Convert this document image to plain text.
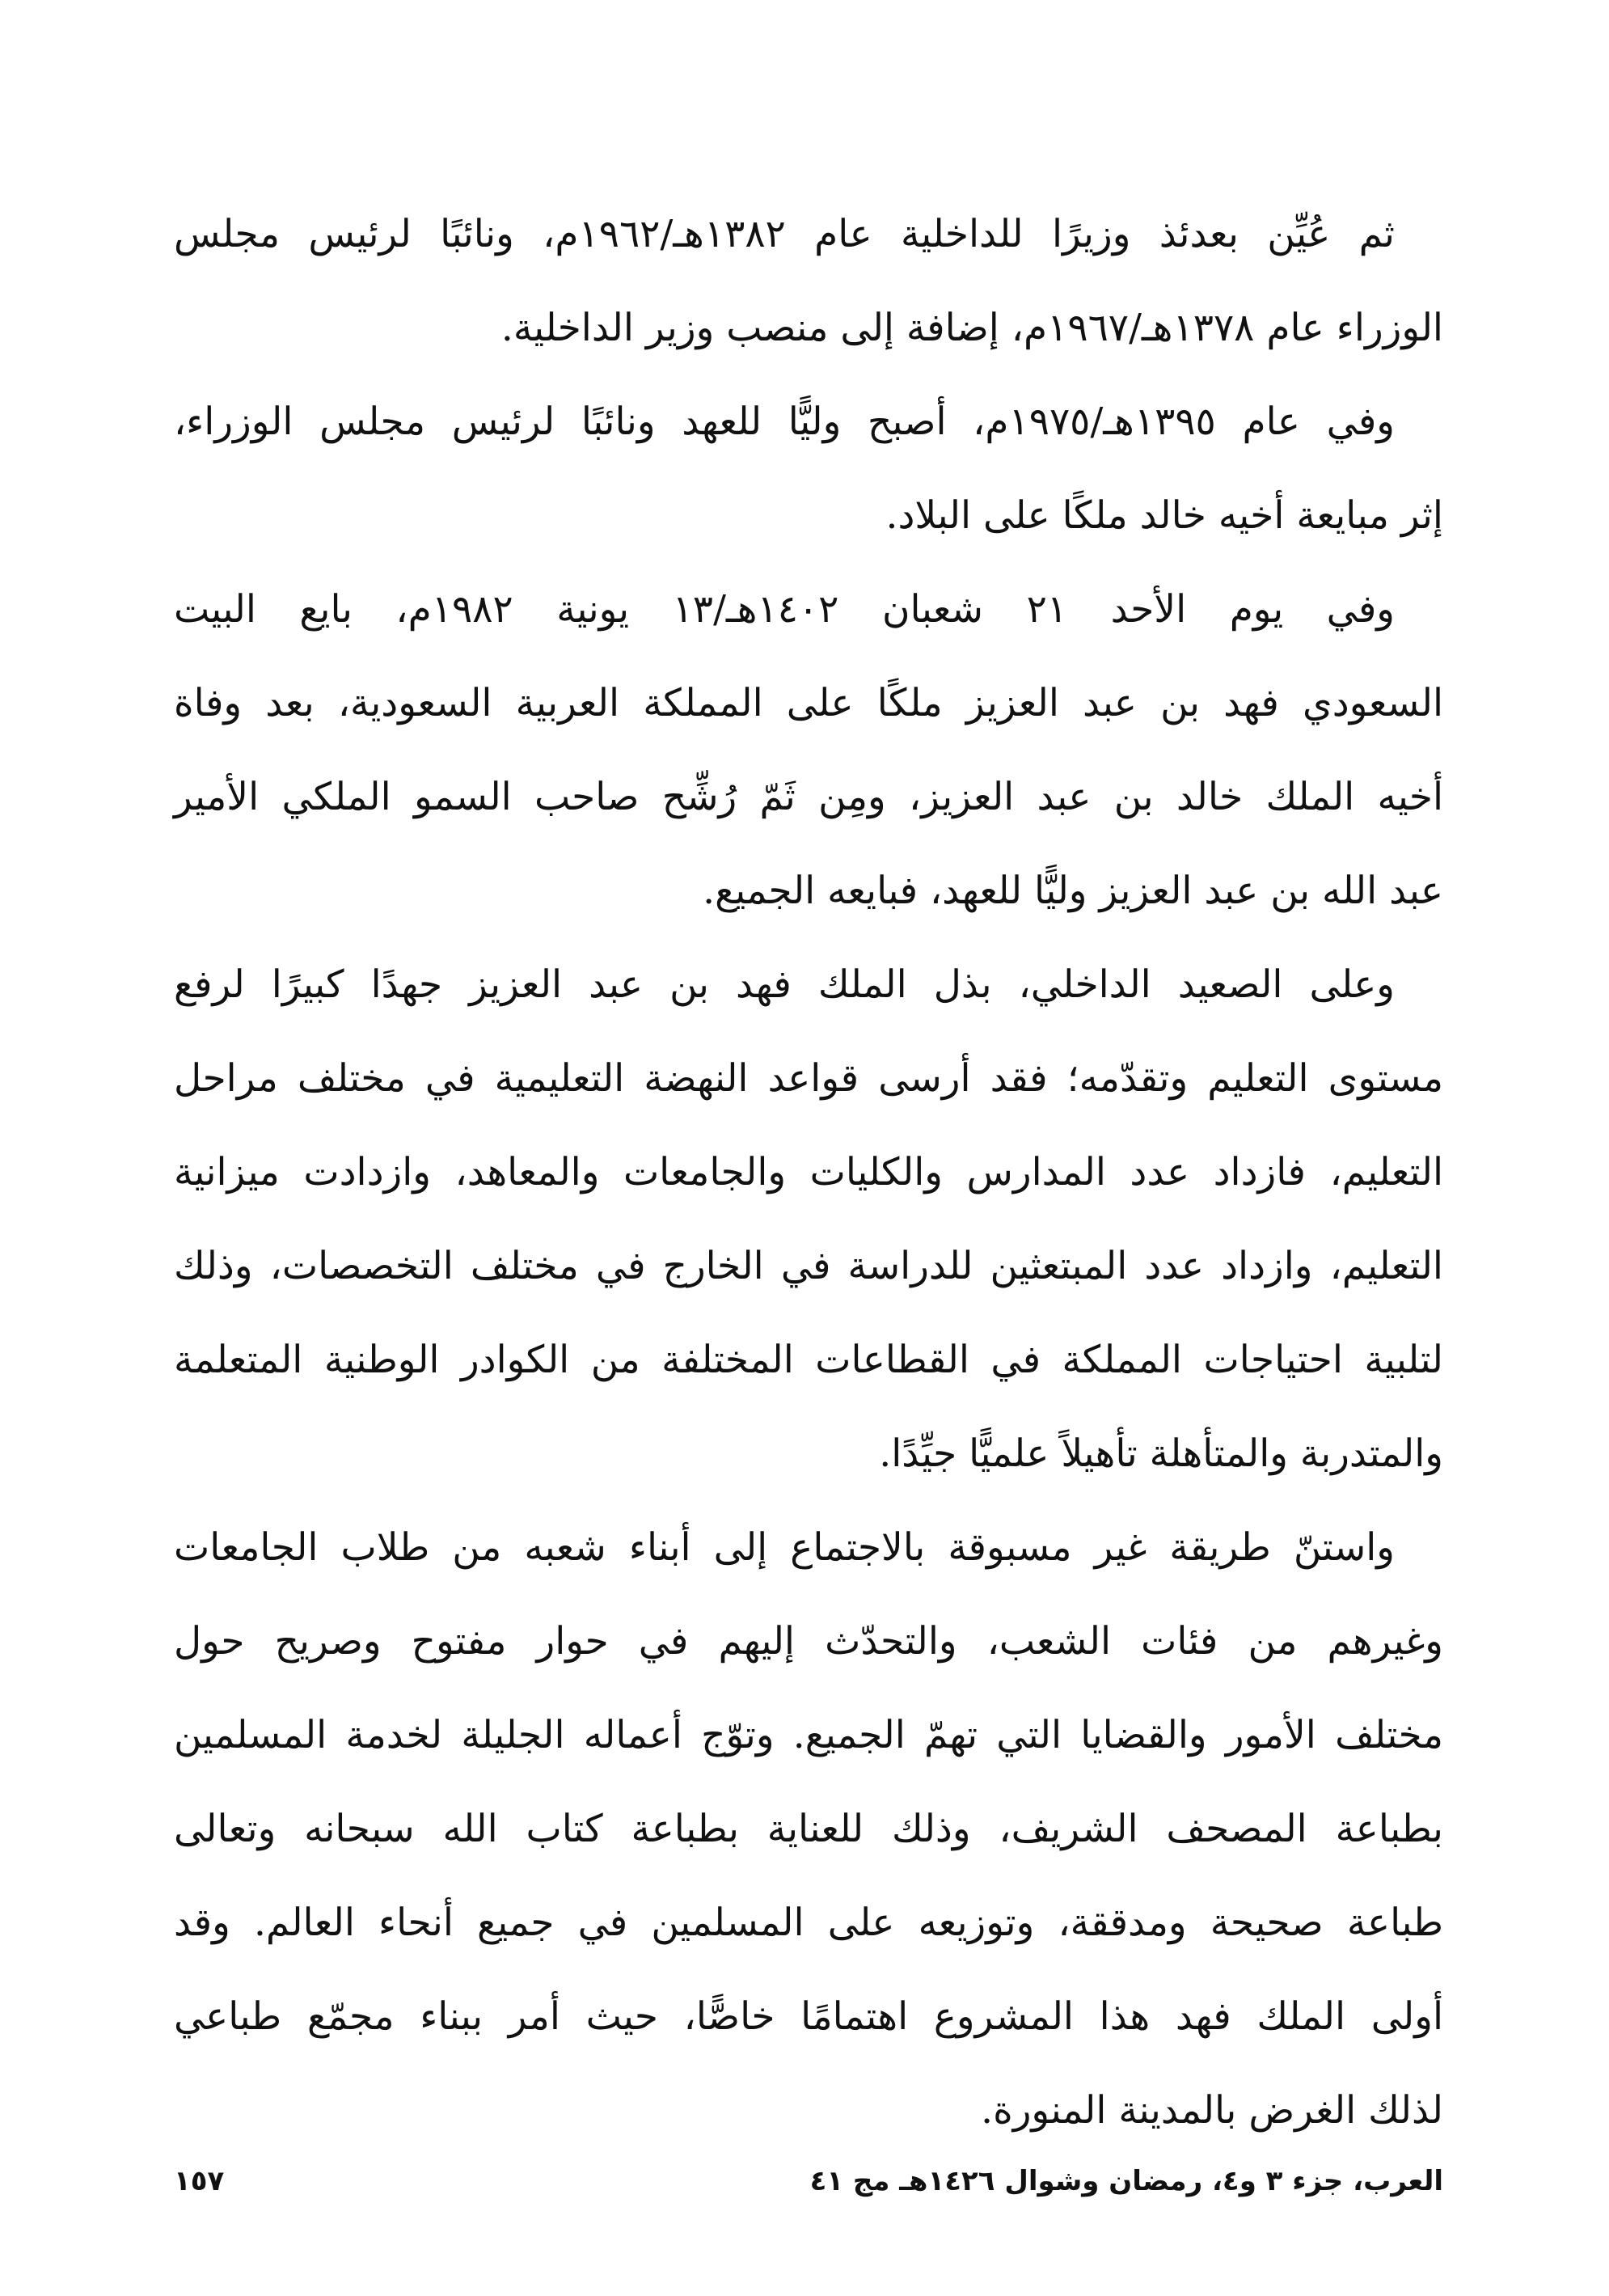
ثم عُيِّن بعدئذ وزيرًا للداخلية عام ١٣٨٢هـ/١٩٦٢م، ونائبًا لرئيس مجلس
الوزراء عام ١٣٧٨هـ/١٩٦٧م، إضافة إلى منصب وزير الداخلية.
وفي عام ١٣٩٥هـ/١٩٧٥م، أصبح وليًّا للعهد ونائبًا لرئيس مجلس الوزراء،
إثر مبايعة أخيه خالد ملكًا على البلاد.
وفي يوم الأحد ٢١ شعبان ١٤٠٢هـ/١٣ يونية ١٩٨٢م، بايع البيت
السعودي فهد بن عبد العزيز ملكًا على المملكة العربية السعودية، بعد وفاة
أخيه الملك خالد بن عبد العزيز، ومِن ثَمّ رُشِّح صاحب السمو الملكي الأمير
عبد الله بن عبد العزيز وليًّا للعهد، فبايعه الجميع.
وعلى الصعيد الداخلي، بذل الملك فهد بن عبد العزيز جهدًا كبيرًا لرفع
مستوى التعليم وتقدّمه؛ فقد أرسى قواعد النهضة التعليمية في مختلف مراحل
التعليم، فازداد عدد المدارس والكليات والجامعات والمعاهد، وازدادت ميزانية
التعليم، وازداد عدد المبتعثين للدراسة في الخارج في مختلف التخصصات، وذلك
لتلبية احتياجات المملكة في القطاعات المختلفة من الكوادر الوطنية المتعلمة
والمتدربة والمتأهلة تأهيلاً علميًّا جيِّدًا.
واستنّ طريقة غير مسبوقة بالاجتماع إلى أبناء شعبه من طلاب الجامعات
وغيرهم من فئات الشعب، والتحدّث إليهم في حوار مفتوح وصريح حول
مختلف الأمور والقضايا التي تهمّ الجميع. وتوّج أعماله الجليلة لخدمة المسلمين
بطباعة المصحف الشريف، وذلك للعناية بطباعة كتاب الله سبحانه وتعالى
طباعة صحيحة ومدققة، وتوزيعه على المسلمين في جميع أنحاء العالم. وقد
أولى الملك فهد هذا المشروع اهتمامًا خاصًّا، حيث أمر ببناء مجمّع طباعي
لذلك الغرض بالمدينة المنورة.
العرب، جزء ٣ و٤، رمضان وشوال ١٤٢٦هـ مج ٤١
١٥٧
